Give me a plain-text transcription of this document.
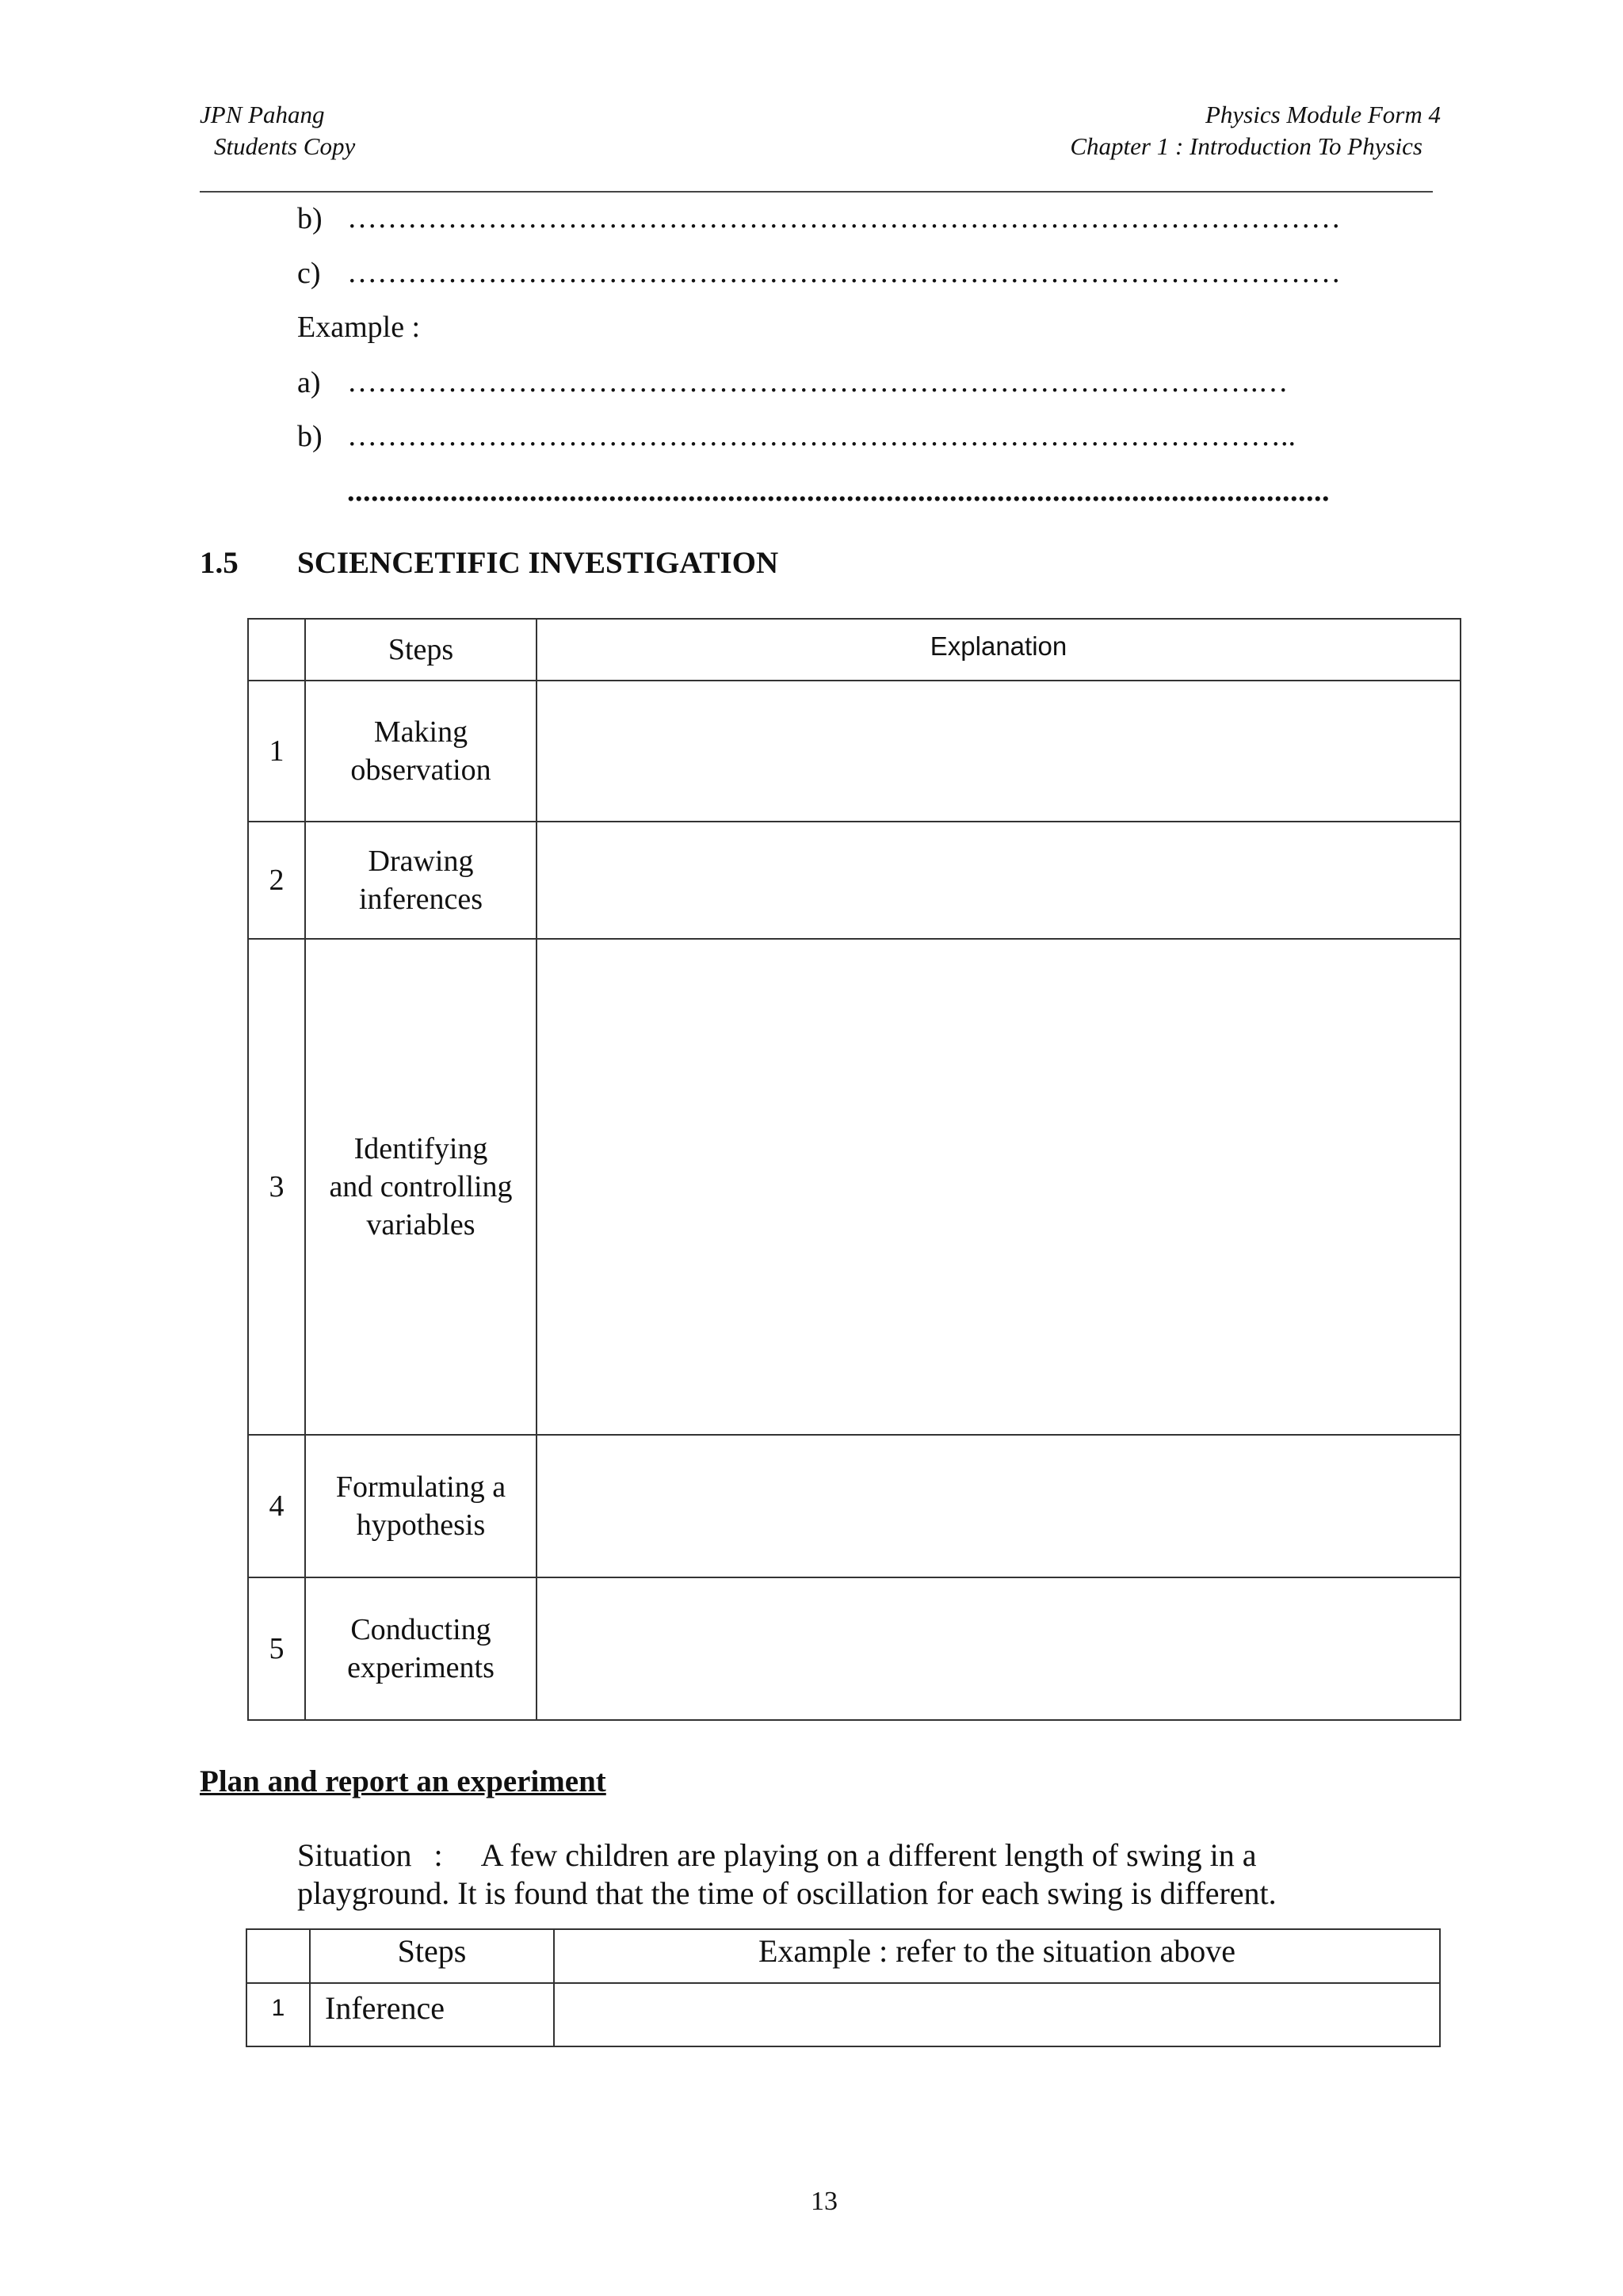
JPN Pahang
Students Copy
Physics Module Form 4
Chapter 1 : Introduction To Physics
b) ………………………………………………………………………………………
c) ………………………………………………………………………………………
Example :
a) ……………………………………………………………………………….…
b) …………………………………………………………………………………..
............................................................................................................................
1.5 SCIENCETIFIC INVESTIGATION
	Steps	Explanation
1	Making
observation	

2	Drawing
inferences	

3	Identifying
and controlling
variables	

4	Formulating a
hypothesis	

5	Conducting
experiments	

Plan and report an experiment
Situation : A few children are playing on a different length of swing in a
playground. It is found that the time of oscillation for each swing is different.
	Steps	Example : refer to the situation above
1	Inference	
13
